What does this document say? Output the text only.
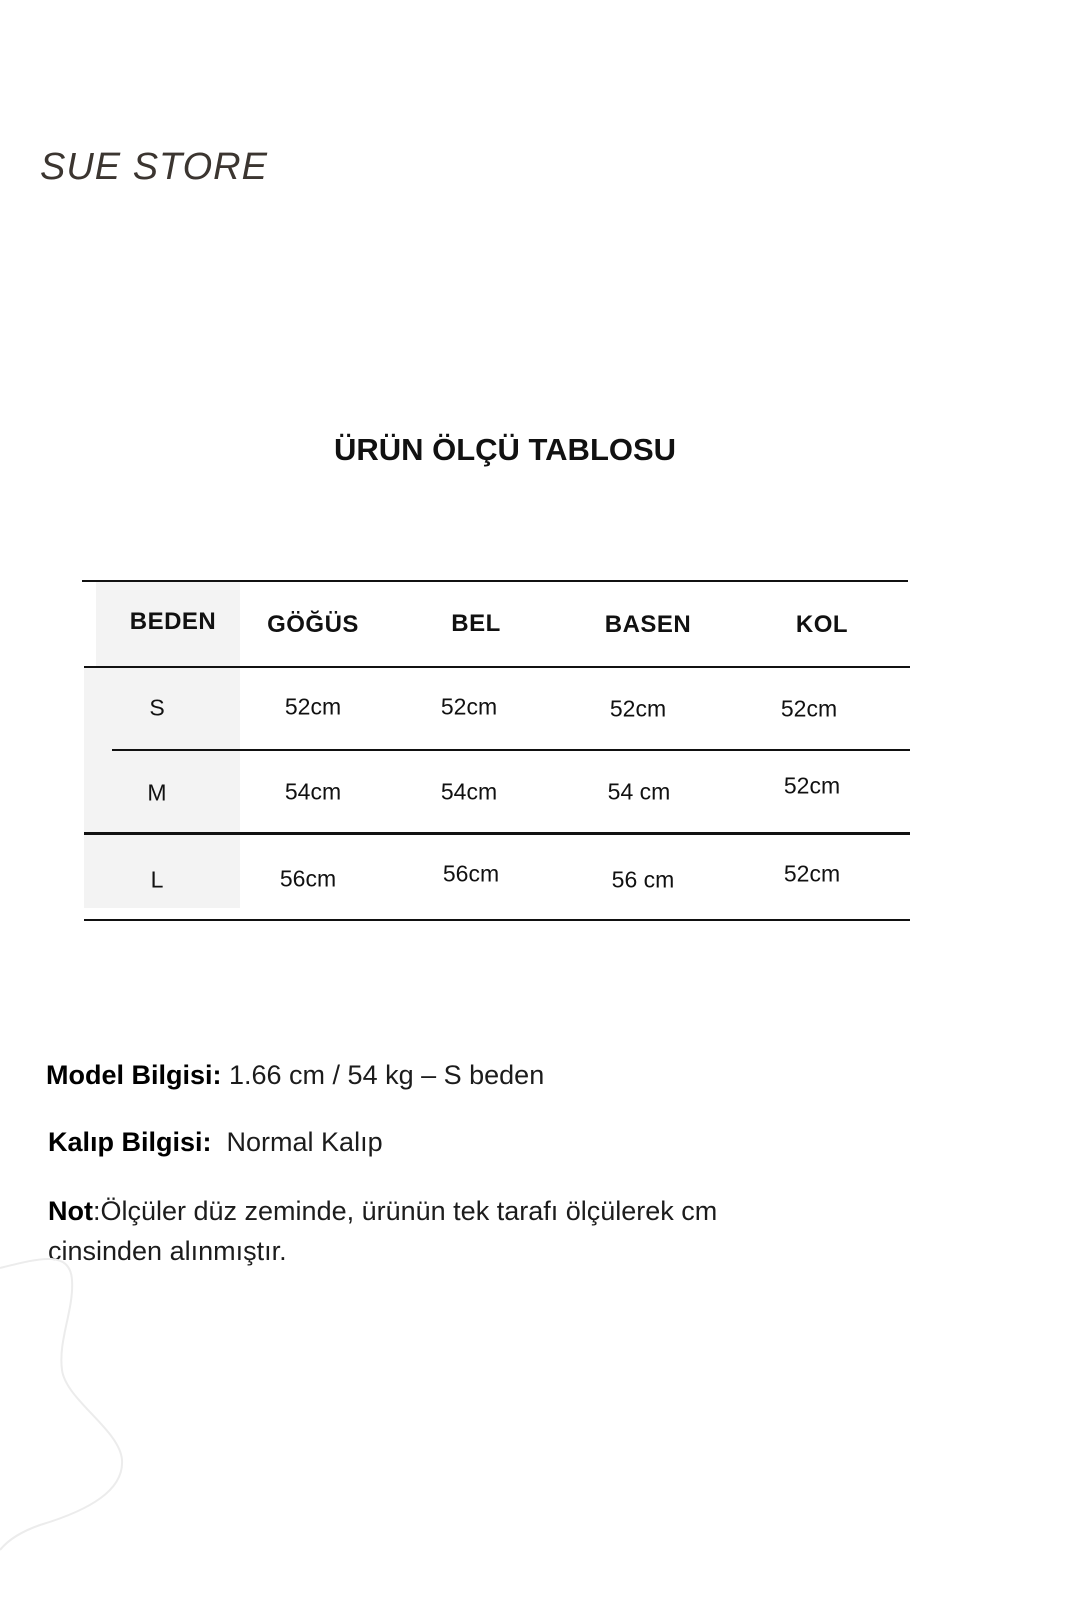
SUE STORE
ÜRÜN ÖLÇÜ TABLOSU
BEDEN GÖĞÜS	BEL	BASEN	KOL
S	52cm	52cm	52cm	52cm
M	54cm	54cm	54 cm	52cm
L	56cm	56cm	56 cm	52cm
Model Bilgisi: 1.66 cm / 54 kg – S beden
Kalıp Bilgisi:  Normal Kalıp
Not:Ölçüler düz zeminde, ürünün tek tarafı ölçülerek cm
cinsinden alınmıştır.
